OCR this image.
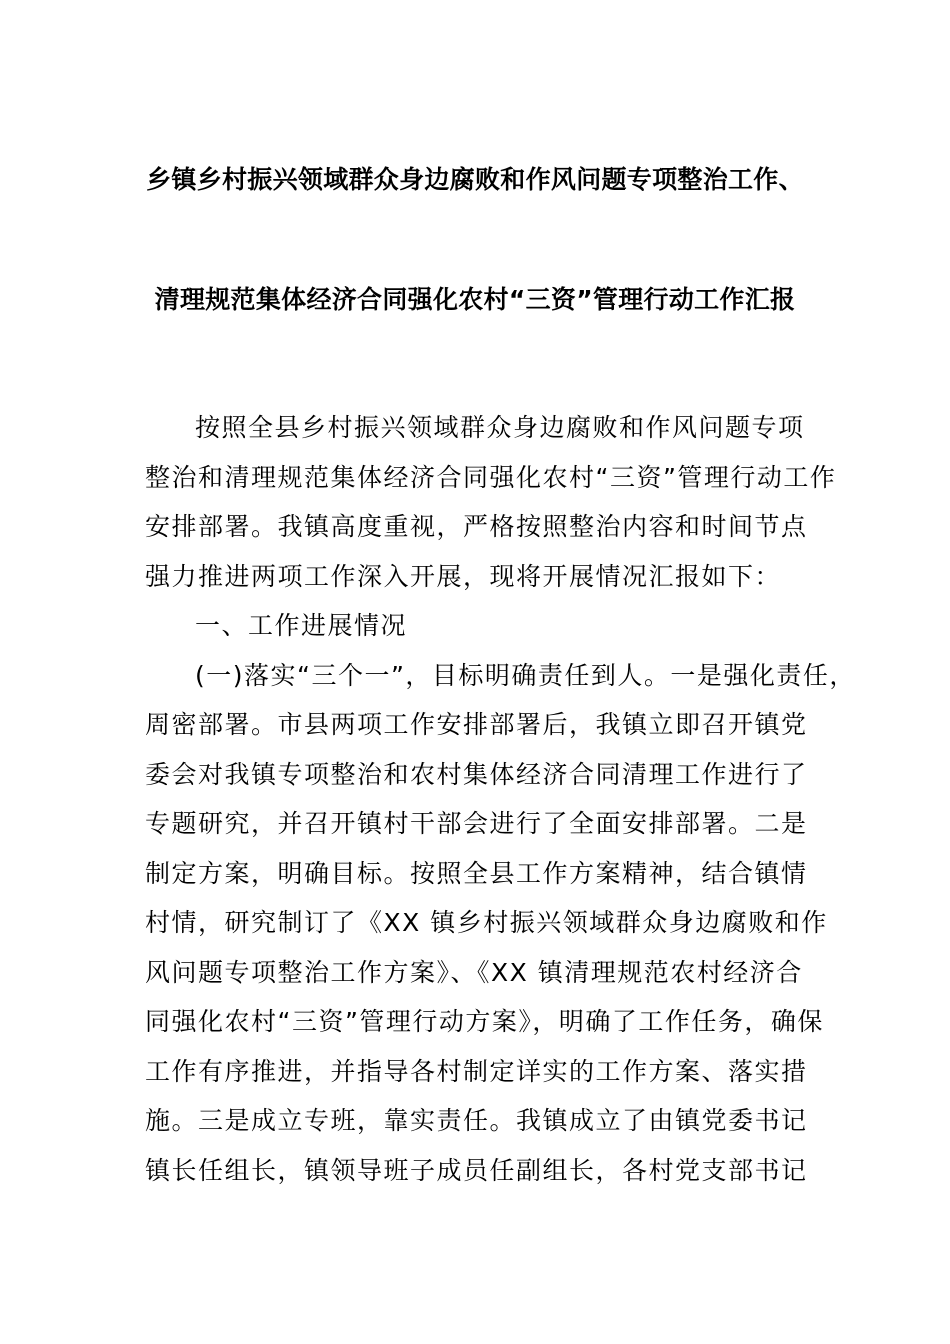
乡镇乡村振兴领域群众身边腐败和作风问题专项整治工作、
清理规范集体经济合同强化农村“三资”管理行动工作汇报
按照全县乡村振兴领域群众身边腐败和作风问题专项
整治和清理规范集体经济合同强化农村“三资”管理行动工作
安排部署。我镇高度重视，严格按照整治内容和时间节点
强力推进两项工作深入开展，现将开展情况汇报如下：
一、工作进展情况
(一)落实“三个一”，目标明确责任到人。一是强化责任，
周密部署。市县两项工作安排部署后，我镇立即召开镇党
委会对我镇专项整治和农村集体经济合同清理工作进行了
专题研究，并召开镇村干部会进行了全面安排部署。二是
制定方案，明确目标。按照全县工作方案精神，结合镇情
村情，研究制订了《XX 镇乡村振兴领域群众身边腐败和作
风问题专项整治工作方案》、《XX 镇清理规范农村经济合
同强化农村“三资”管理行动方案》，明确了工作任务，确保
工作有序推进，并指导各村制定详实的工作方案、落实措
施。三是成立专班，靠实责任。我镇成立了由镇党委书记
镇长任组长，镇领导班子成员任副组长，各村党支部书记
